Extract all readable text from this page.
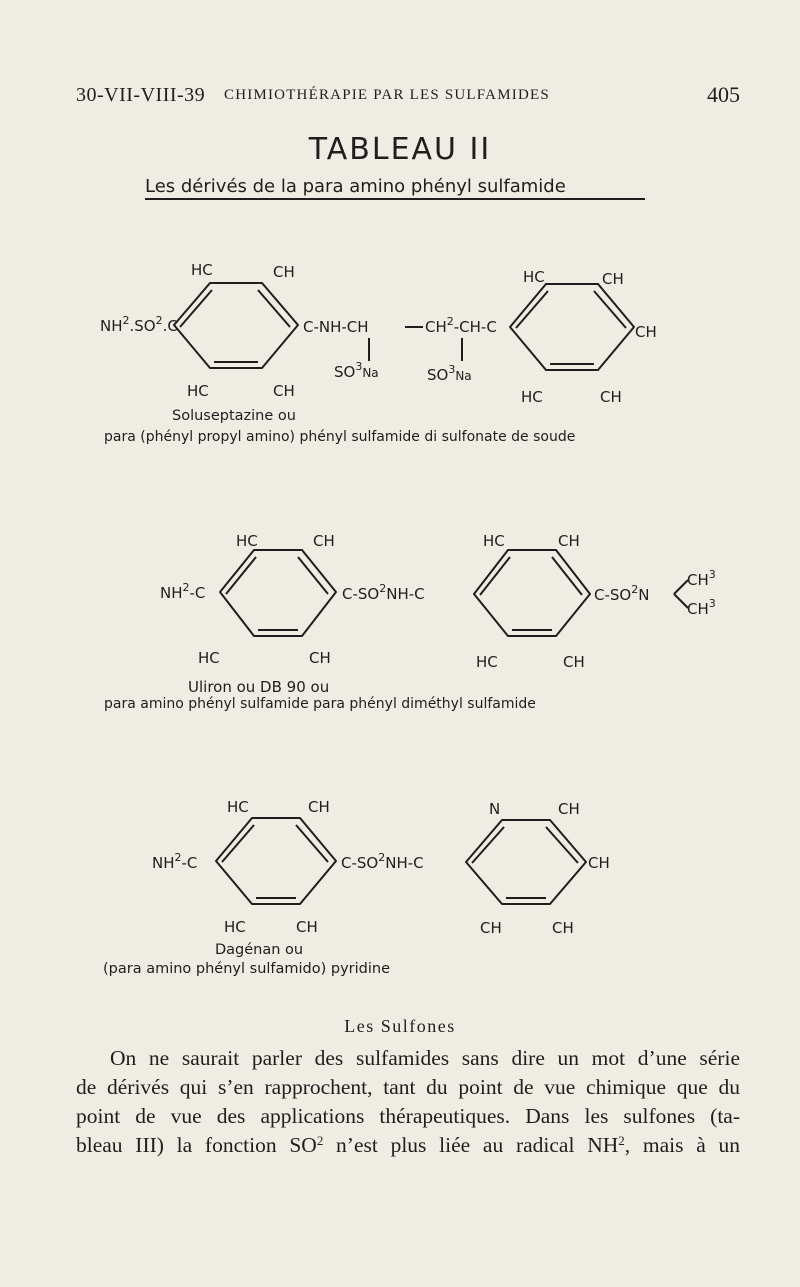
30-VII-VIII-39 CHIMIOTHÉRAPIE PAR LES SULFAMIDES	405
TABLEAU II
Les dérivés de la para amino phényl sulfamide
HC	CH
HC	CH
$NH^2.SO^2.C$	C-NH-CH	$CH^2-CH-C$
$SO^3_{Na}$	$SO^3_{Na}$
HC	CH
CH
HC	CH
HC	CH
HC	CH
$NH^2-C$	$C-SO^2NH-C$
HC	CH
HC	CH
$C-SO^2N$
$CH^3$
$CH^3$
HC	CH
HC	CH
$NH^2-C$	$C-SO^2NH-C$
N	CH
CH
CH	CH
Soluseptazine ou
para (phényl propyl amino) phényl sulfamide di sulfonate de soude
Uliron ou DB 90 ou
para amino phényl sulfamide para phényl diméthyl sulfamide
Dagénan ou
(para amino phényl sulfamido) pyridine
Les Sulfones
On ne saurait parler des sulfamides sans dire un mot d’une série
de dérivés qui s’en rapprochent, tant du point de vue chimique que du
point de vue des applications thérapeutiques. Dans les sulfones (ta-
bleau III) la fonction $SO^2$ n’est plus liée au radical $NH^2$, mais à un
